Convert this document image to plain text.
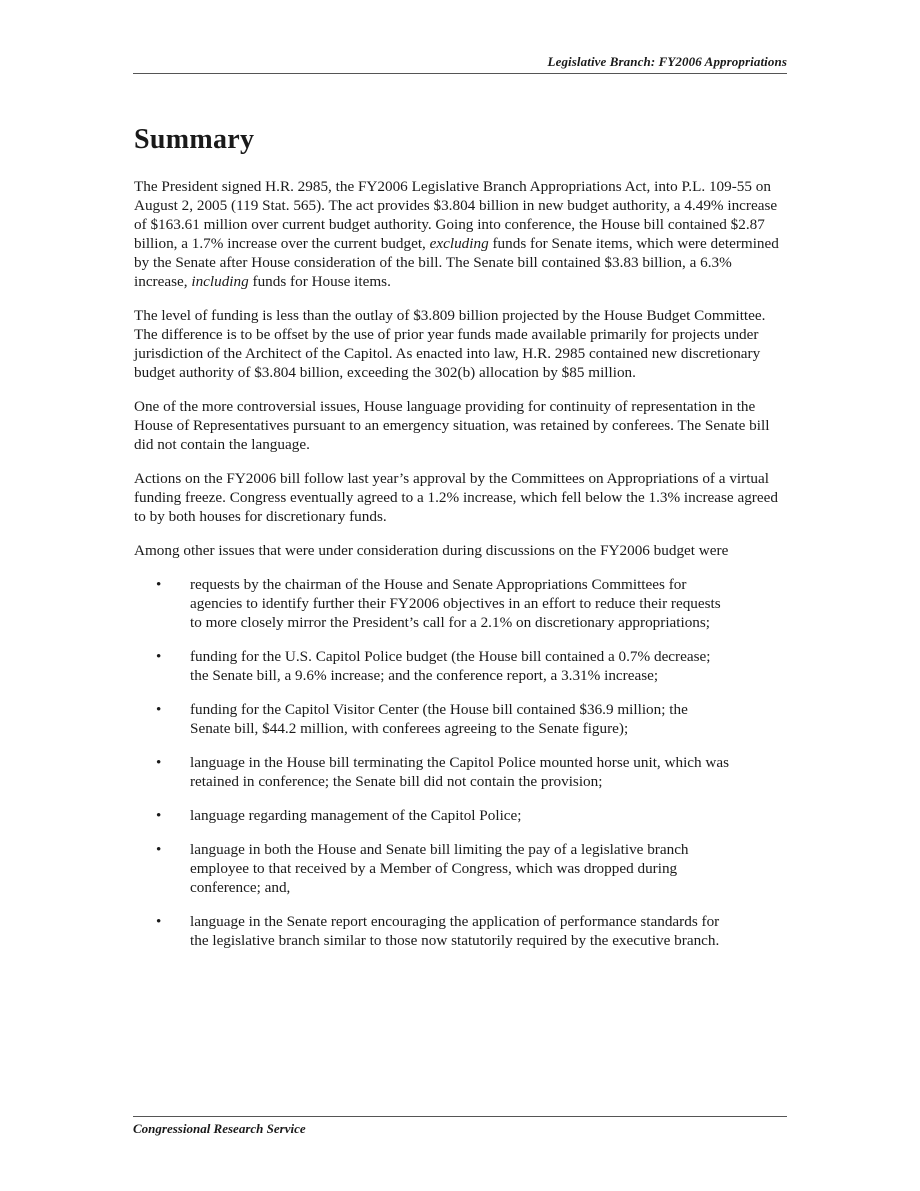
Legislative Branch: FY2006 Appropriations
Summary

The President signed H.R. 2985, the FY2006 Legislative Branch Appropriations Act, into P.L. 109-55 on August 2, 2005 (119 Stat. 565). The act provides $3.804 billion in new budget authority, a 4.49% increase of $163.61 million over current budget authority. Going into conference, the House bill contained $2.87 billion, a 1.7% increase over the current budget, excluding funds for Senate items, which were determined by the Senate after House consideration of the bill. The Senate bill contained $3.83 billion, a 6.3% increase, including funds for House items.

The level of funding is less than the outlay of $3.809 billion projected by the House Budget Committee. The difference is to be offset by the use of prior year funds made available primarily for projects under jurisdiction of the Architect of the Capitol. As enacted into law, H.R. 2985 contained new discretionary budget authority of $3.804 billion, exceeding the 302(b) allocation by $85 million.

One of the more controversial issues, House language providing for continuity of representation in the House of Representatives pursuant to an emergency situation, was retained by conferees. The Senate bill did not contain the language.

Actions on the FY2006 bill follow last year’s approval by the Committees on Appropriations of a virtual funding freeze. Congress eventually agreed to a 1.2% increase, which fell below the 1.3% increase agreed to by both houses for discretionary funds.

Among other issues that were under consideration during discussions on the FY2006 budget were

• requests by the chairman of the House and Senate Appropriations Committees for agencies to identify further their FY2006 objectives in an effort to reduce their requests to more closely mirror the President’s call for a 2.1% on discretionary appropriations;
• funding for the U.S. Capitol Police budget (the House bill contained a 0.7% decrease; the Senate bill, a 9.6% increase; and the conference report, a 3.31% increase;
• funding for the Capitol Visitor Center (the House bill contained $36.9 million; the Senate bill, $44.2 million, with conferees agreeing to the Senate figure);
• language in the House bill terminating the Capitol Police mounted horse unit, which was retained in conference; the Senate bill did not contain the provision;
• language regarding management of the Capitol Police;
• language in both the House and Senate bill limiting the pay of a legislative branch employee to that received by a Member of Congress, which was dropped during conference; and,
• language in the Senate report encouraging the application of performance standards for the legislative branch similar to those now statutorily required by the executive branch.
Congressional Research Service
